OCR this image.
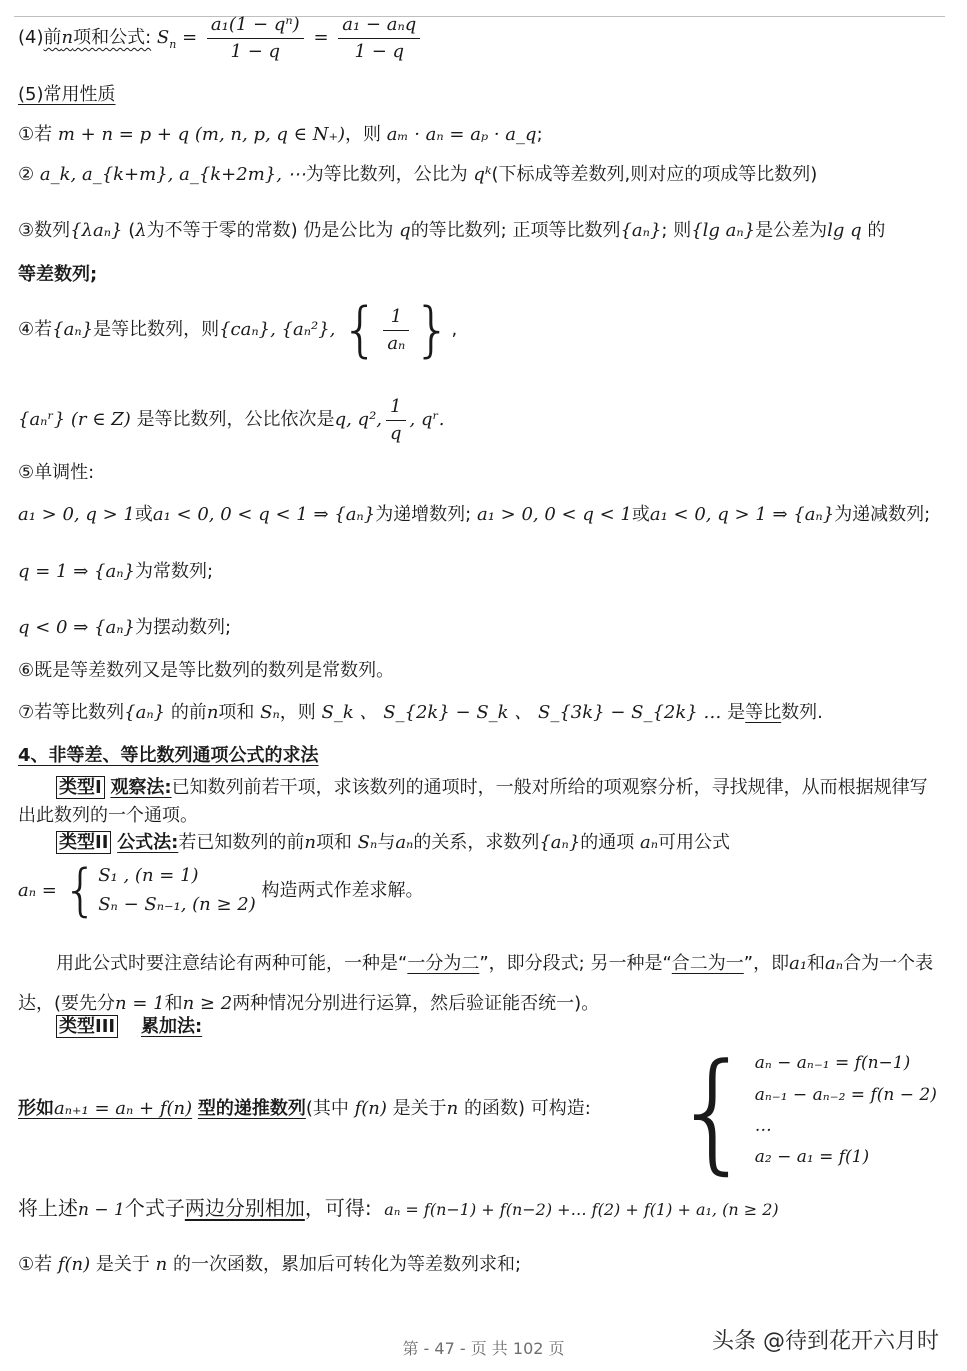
(4)前n项和公式: $S_n = \frac{\text{a₁(1 − qⁿ)}}{1 - q} = \frac{\text{a₁ − aₙq}}{1 - q}$
(5)常用性质
①若 m + n = p + q (m, n, p, q ∈ N₊)，则 aₘ · aₙ = aₚ · a_q;
② a_k, a_{k+m}, a_{k+2m}, ⋯为等比数列，公比为 qᵏ(下标成等差数列,则对应的项成等比数列)
③数列{λaₙ} (λ为不等于零的常数) 仍是公比为 q的等比数列; 正项等比数列{aₙ}; 则{lg aₙ}是公差为lg q 的
等差数列;
④若{aₙ}是等比数列，则{caₙ}, {aₙ²}, { $\frac{1}{\text{aₙ}}$ },
{aₙʳ} (r ∈ Z) 是等比数列，公比依次是q, q², $\frac{1}{q}$ , qʳ.
⑤单调性:
a₁ > 0, q > 1或a₁ < 0, 0 < q < 1 ⇒ {aₙ}为递增数列; a₁ > 0, 0 < q < 1或a₁ < 0, q > 1 ⇒ {aₙ}为递减数列;
q = 1 ⇒ {aₙ}为常数列;
q < 0 ⇒ {aₙ}为摆动数列;
⑥既是等差数列又是等比数列的数列是常数列。
⑦若等比数列{aₙ} 的前n项和 Sₙ，则 S_k 、 S_{2k} − S_k 、 S_{3k} − S_{2k} … 是等比数列.
4、非等差、等比数列通项公式的求法
类型I 观察法:已知数列前若干项，求该数列的通项时，一般对所给的项观察分析，寻找规律，从而根据规律写出此数列的一个通项。
类型II 公式法:若已知数列的前n项和 Sₙ与aₙ的关系，求数列{aₙ}的通项 aₙ可用公式
aₙ = { S₁ , (n = 1)
Sₙ − Sₙ₋₁, (n ≥ 2)
构造两式作差求解。
用此公式时要注意结论有两种可能，一种是“一分为二”，即分段式; 另一种是“合二为一”，即a₁和aₙ合为一个表达，(要先分n = 1和n ≥ 2两种情况分别进行运算，然后验证能否统一)。
类型III 累加法:
形如aₙ₊₁ = aₙ + f(n) 型的递推数列(其中 f(n) 是关于n 的函数) 可构造: { aₙ − aₙ₋₁ = f(n−1)
aₙ₋₁ − aₙ₋₂ = f(n − 2)
…
a₂ − a₁ = f(1)
将上述n − 1个式子两边分别相加，可得: aₙ = f(n−1) + f(n−2) +… f(2) + f(1) + a₁, (n ≥ 2)
①若 f(n) 是关于 n 的一次函数，累加后可转化为等差数列求和;
第 - 47 - 页 共 102 页	头条 @待到花开六月时
